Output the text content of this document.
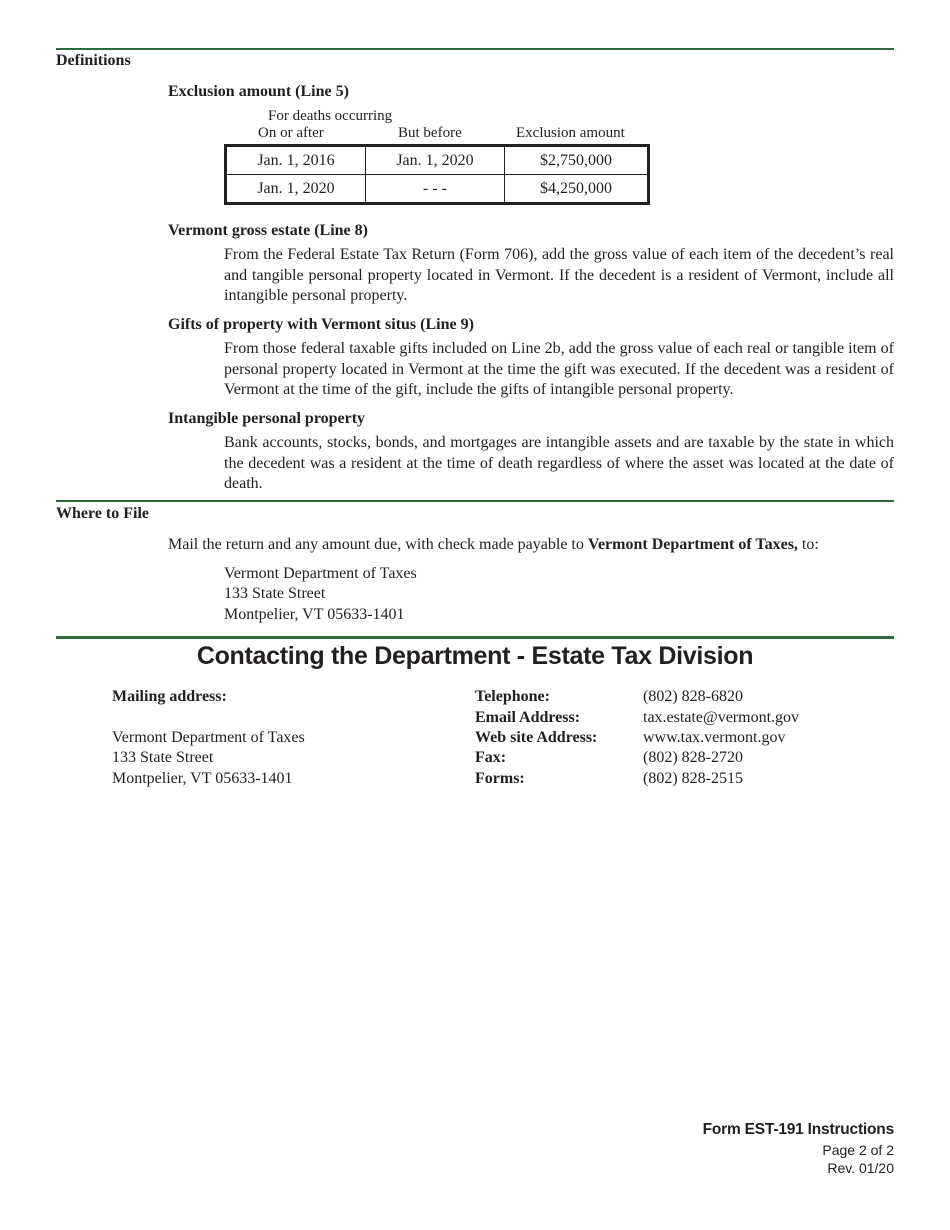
Definitions
Exclusion amount (Line 5)
For deaths occurring
On or after	But before	Exclusion amount
Jan. 1, 2016	Jan. 1, 2020	$2,750,000
Jan. 1, 2020	- - -	$4,250,000
Vermont gross estate (Line 8)
From the Federal Estate Tax Return (Form 706), add the gross value of each item of the decedent’s real and tangible personal property located in Vermont. If the decedent is a resident of Vermont, include all intangible personal property.
Gifts of property with Vermont situs (Line 9)
From those federal taxable gifts included on Line 2b, add the gross value of each real or tangible item of personal property located in Vermont at the time the gift was executed. If the decedent was a resident of Vermont at the time of the gift, include the gifts of intangible personal property.
Intangible personal property
Bank accounts, stocks, bonds, and mortgages are intangible assets and are taxable by the state in which the decedent was a resident at the time of death regardless of where the asset was located at the date of death.
Where to File
Mail the return and any amount due, with check made payable to Vermont Department of Taxes, to:
Vermont Department of Taxes
133 State Street
Montpelier, VT 05633-1401
Contacting the Department - Estate Tax Division
Mailing address:
Vermont Department of Taxes
133 State Street
Montpelier, VT 05633-1401
Telephone:	(802) 828-6820
Email Address:	tax.estate@vermont.gov
Web site Address:	www.tax.vermont.gov
Fax:	(802) 828-2720
Forms:	(802) 828-2515
Form EST-191 Instructions
Page 2 of 2
Rev. 01/20
